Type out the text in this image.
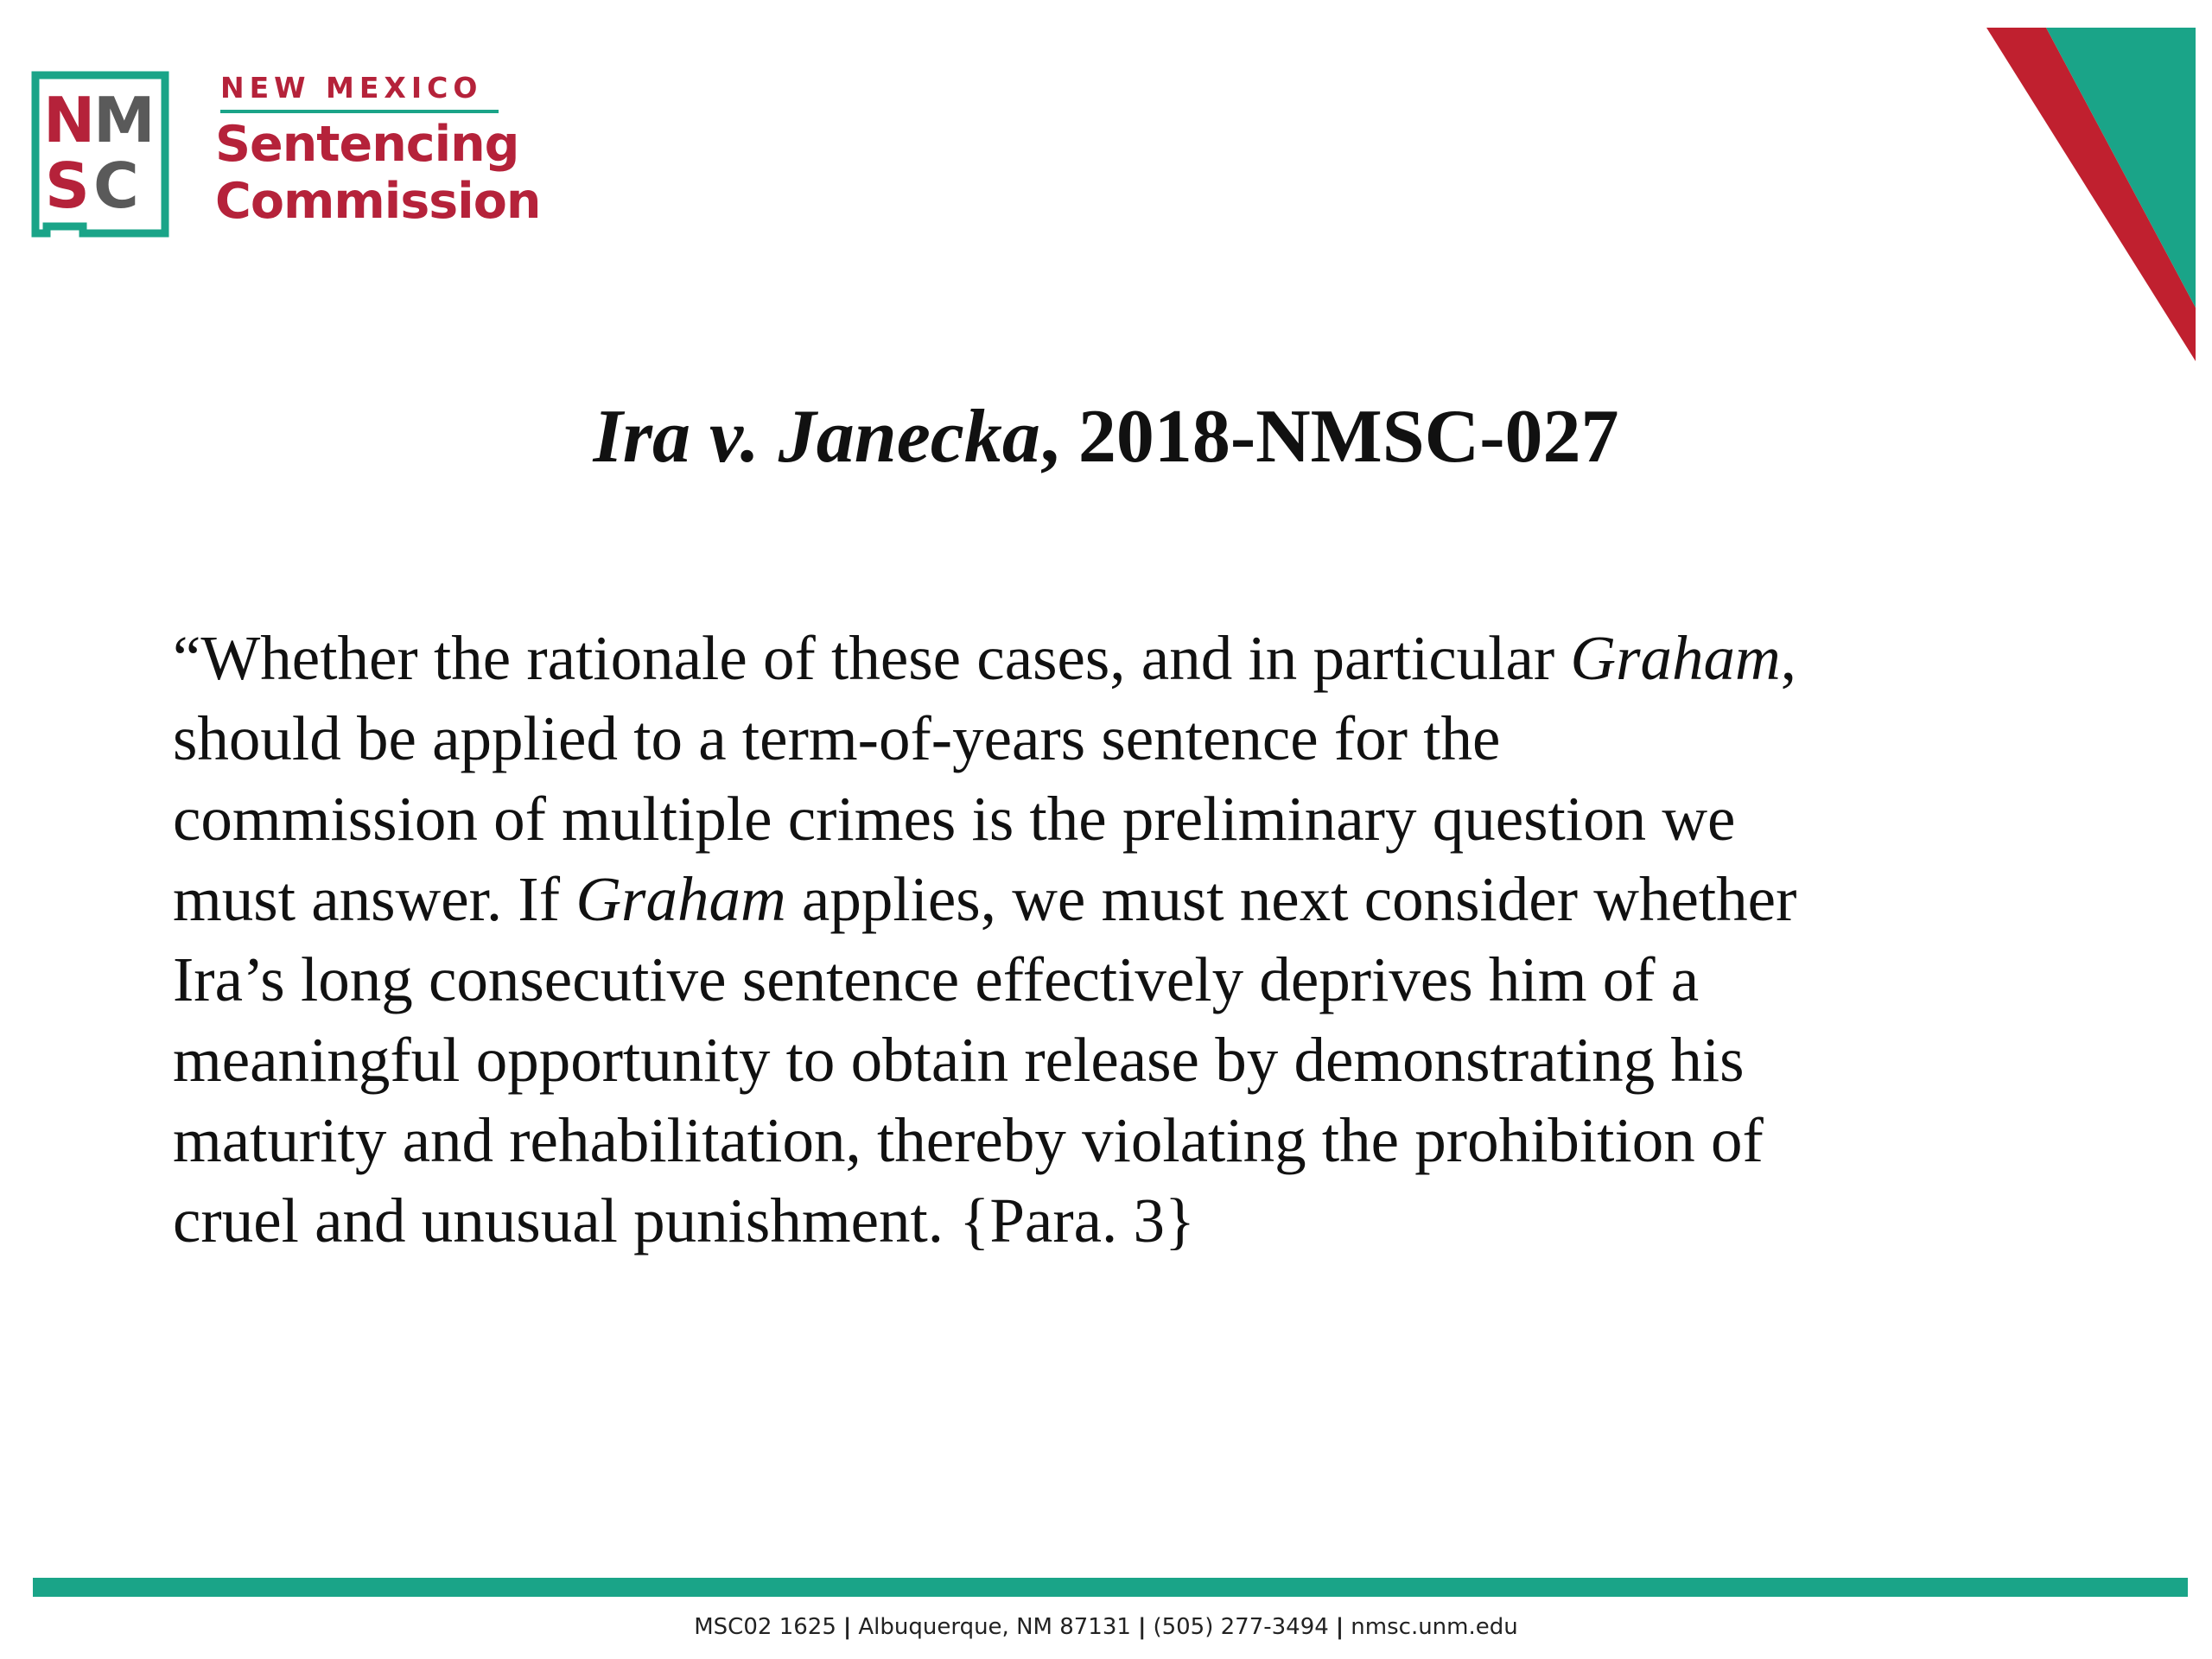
N
M
S C
NEW MEXICO
Sentencing
Commission
Ira v. Janecka, 2018-NMSC-027
“Whether the rationale of these cases, and in particular Graham,
should be applied to a term-of-years sentence for the
commission of multiple crimes is the preliminary question we
must answer. If Graham applies, we must next consider whether
Ira’s long consecutive sentence effectively deprives him of a
meaningful opportunity to obtain release by demonstrating his
maturity and rehabilitation, thereby violating the prohibition of
cruel and unusual punishment. {Para. 3}
MSC02 1625 | Albuquerque, NM 87131 | (505) 277-3494 | nmsc.unm.edu
